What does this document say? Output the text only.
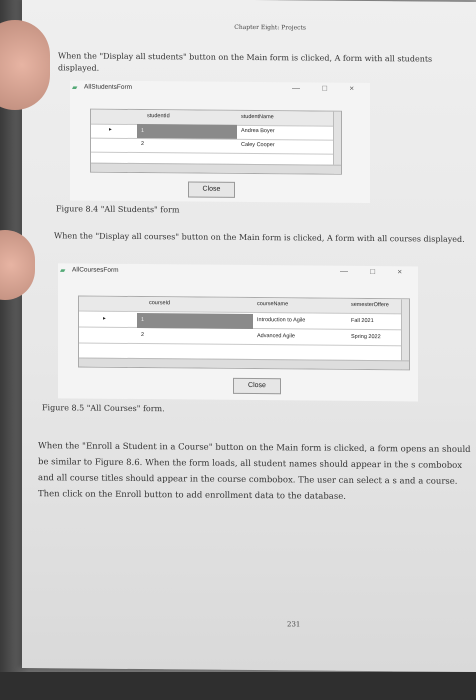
Chapter Eight: Projects
When the "Display all students" button on the Main form is clicked, A form with all students displayed.
▰ AllStudentsForm	— □ ×
studentId	studentName
▸	1	Andrea Boyer
2	Caley Cooper
Close
Figure 8.4 "All Students" form
When the "Display all courses" button on the Main form is clicked, A form with all courses displayed.
▰ AllCoursesForm	— □ ×
courseId	courseName	semesterOffere
▸	1	Introduction to Agile	Fall 2021
2	Advanced Agile	Spring 2022
Close
Figure 8.5 "All Courses" form.
When the "Enroll a Student in a Course" button on the Main form is clicked, a form opens an should be similar to Figure 8.6. When the form loads, all student names should appear in the s combobox and all course titles should appear in the course combobox. The user can select a s and a course. Then click on the Enroll button to add enrollment data to the database.
231
